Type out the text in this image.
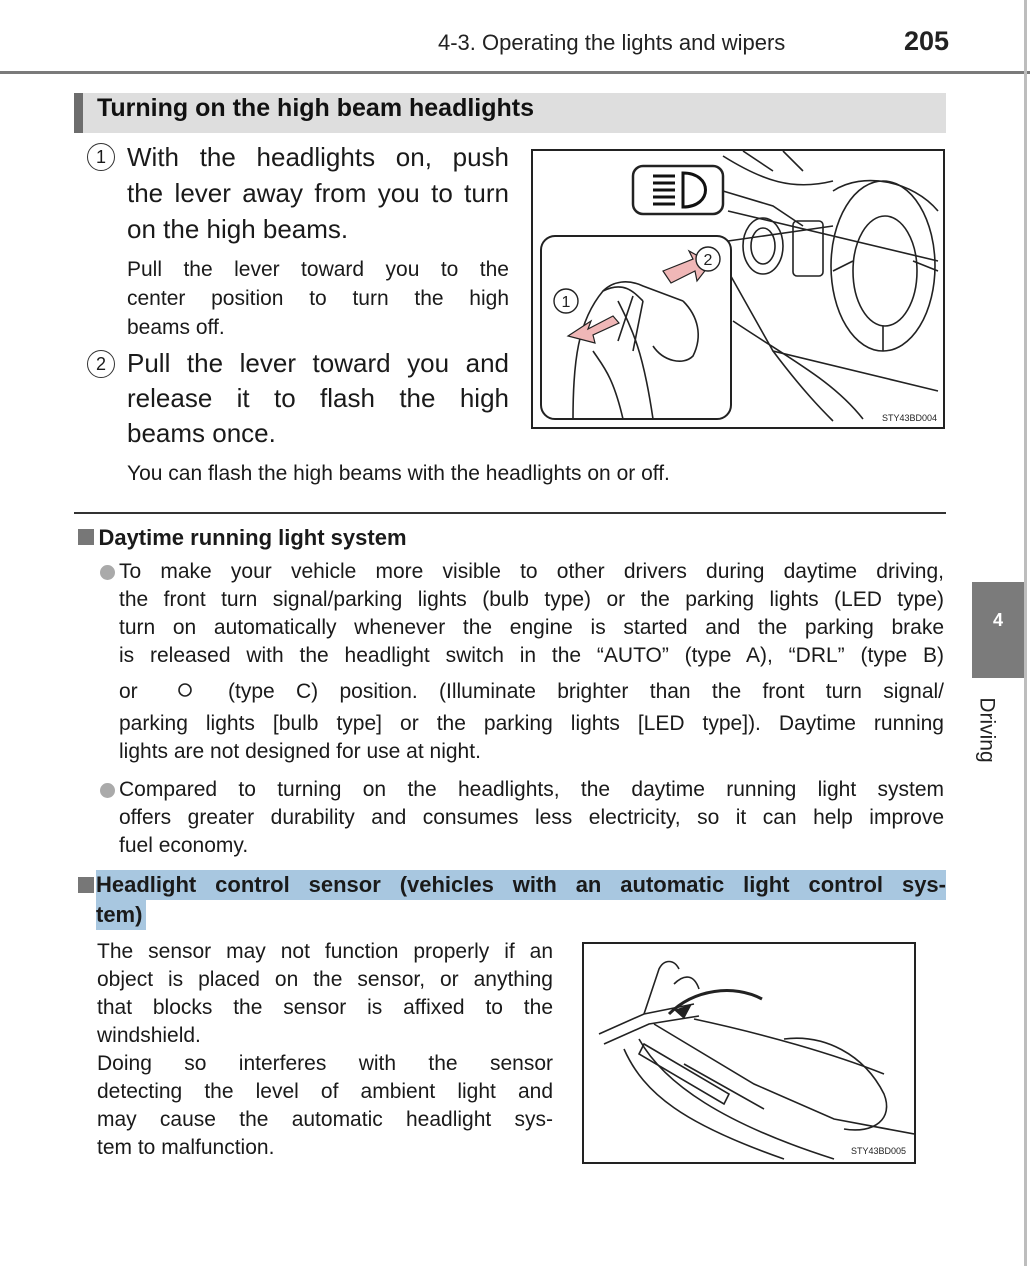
4-3. Operating the lights and wipers	205
Turning on the high beam headlights
1 With the headlights on, push
the lever away from you to turn
on the high beams.
Pull the lever toward you to the
center position to turn the high
beams off.
2 Pull the lever toward you and
release it to flash the high
beams once.
You can flash the high beams with the headlights on or off.
1
2
STY43BD004
Daytime running light system
To make your vehicle more visible to other drivers during daytime driving,
the front turn signal/parking lights (bulb type) or the parking lights (LED type)
turn on automatically whenever the engine is started and the parking brake
is released with the headlight switch in the “AUTO” (type A), “DRL” (type B)
or	(type C) position. (Illuminate brighter than the front turn signal/
parking lights [bulb type] or the parking lights [LED type]). Daytime running
lights are not designed for use at night.
Compared to turning on the headlights, the daytime running light system
offers greater durability and consumes less electricity, so it can help improve
fuel economy.
4
Driving
Headlight control sensor (vehicles with an automatic light control sys-
tem)
The sensor may not function properly if an
object is placed on the sensor, or anything
that blocks the sensor is affixed to the
windshield.
Doing so interferes with the sensor
detecting the level of ambient light and
may cause the automatic headlight sys-
tem to malfunction.	STY43BD005
